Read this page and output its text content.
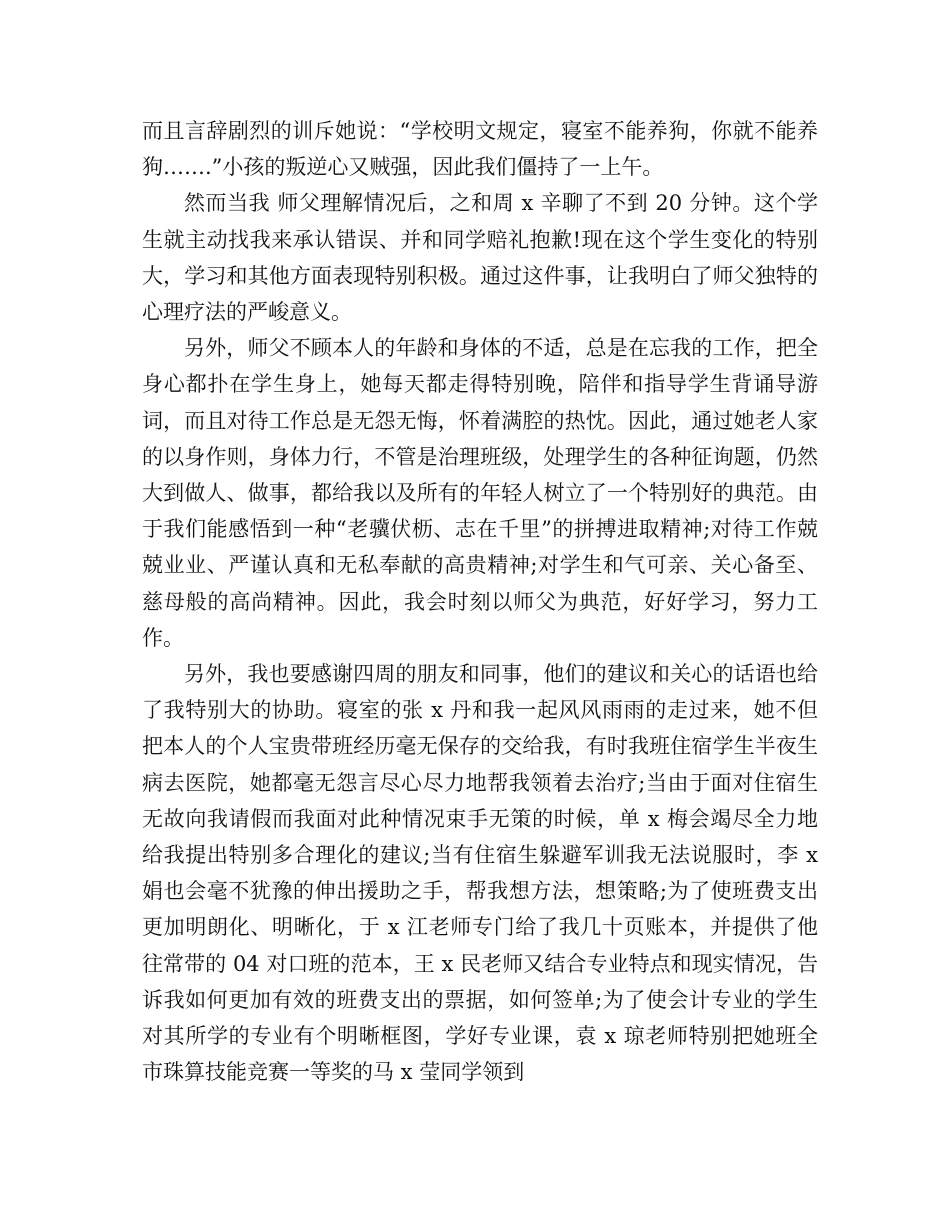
而且言辞剧烈的训斥她说：“学校明文规定，寝室不能养狗，你就不能养狗…….”小孩的叛逆心又贼强，因此我们僵持了一上午。

然而当我 师父理解情况后，之和周 x 辛聊了不到 20 分钟。这个学生就主动找我来承认错误、并和同学赔礼抱歉!现在这个学生变化的特别大，学习和其他方面表现特别积极。通过这件事，让我明白了师父独特的心理疗法的严峻意义。

另外，师父不顾本人的年龄和身体的不适，总是在忘我的工作，把全身心都扑在学生身上，她每天都走得特别晚，陪伴和指导学生背诵导游词，而且对待工作总是无怨无悔，怀着满腔的热忱。因此，通过她老人家的以身作则，身体力行，不管是治理班级，处理学生的各种征询题，仍然大到做人、做事，都给我以及所有的年轻人树立了一个特别好的典范。由于我们能感悟到一种“老骥伏枥、志在千里”的拼搏进取精神;对待工作兢兢业业、严谨认真和无私奉献的高贵精神;对学生和气可亲、关心备至、慈母般的高尚精神。因此，我会时刻以师父为典范，好好学习，努力工作。

另外，我也要感谢四周的朋友和同事，他们的建议和关心的话语也给了我特别大的协助。寝室的张 x 丹和我一起风风雨雨的走过来，她不但把本人的个人宝贵带班经历毫无保存的交给我，有时我班住宿学生半夜生病去医院，她都毫无怨言尽心尽力地帮我领着去治疗;当由于面对住宿生无故向我请假而我面对此种情况束手无策的时候，单 x 梅会竭尽全力地给我提出特别多合理化的建议;当有住宿生躲避军训我无法说服时，李 x 娟也会毫不犹豫的伸出援助之手，帮我想方法，想策略;为了使班费支出更加明朗化、明晰化，于 x 江老师专门给了我几十页账本，并提供了他往常带的 04 对口班的范本，王 x 民老师又结合专业特点和现实情况，告诉我如何更加有效的班费支出的票据，如何签单;为了使会计专业的学生对其所学的专业有个明晰框图，学好专业课，袁 x 琼老师特别把她班全市珠算技能竞赛一等奖的马 x 莹同学领到
